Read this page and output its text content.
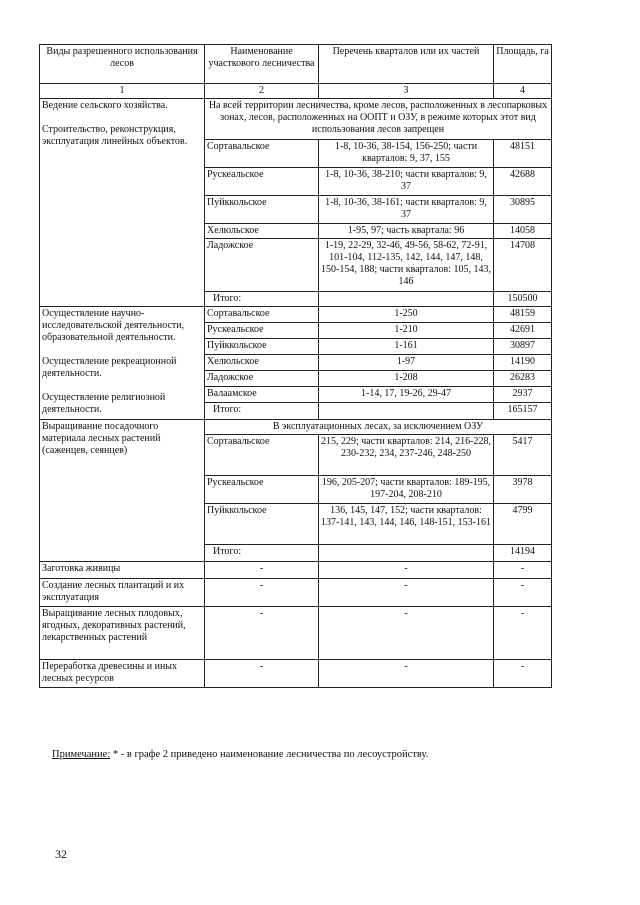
Виды разрешенного использования лесов	Наименование участкового лесничества	Перечень кварталов или их частей	Площадь, га
1	2	3	4

Ведение сельского хозяйства.
Строительство, реконструкция, эксплуатация линейных объектов.	На всей территории лесничества, кроме лесов, расположенных в лесопарковых зонах, лесов, расположенных на ООПТ и ОЗУ, в режиме которых этот вид использования лесов запрещен		
	Сортавальское	1-8, 10-36, 38-154, 156-250; части кварталов: 9, 37, 155	48151
	Рускеальское	1-8, 10-36, 38-210; части кварталов: 9, 37	42688
	Пуйккольское	1-8, 10-36, 38-161; части кварталов: 9, 37	30895
	Хелюльское	1-95, 97; часть квартала: 96	14058
	Ладожское	1-19, 22-29, 32-46, 49-56, 58-62, 72-91, 101-104, 112-135, 142, 144, 147, 148, 150-154, 188; части кварталов: 105, 143, 146	14708
	Итого:		150500

Осуществление научно-исследовательской деятельности, образовательной деятельности.
Осуществление рекреационной деятельности.
Осуществление религиозной деятельности.	Сортавальское	1-250	48159
	Рускеальское	1-210	42691
	Пуйккольское	1-161	30897
	Хелюльское	1-97	14190
	Ладожское	1-208	26283
	Валаамское	1-14, 17, 19-26, 29-47	2937
	Итого:		165157

Выращивание посадочного материала лесных растений (саженцев, сеянцев)	В эксплуатационных лесах, за исключением ОЗУ		
	Сортавальское	215, 229; части кварталов: 214, 216-228, 230-232, 234, 237-246, 248-250	5417
	Рускеальское	196, 205-207; части кварталов: 189-195, 197-204, 208-210	3978
	Пуйккольское	136, 145, 147, 152; части кварталов: 137-141, 143, 144, 146, 148-151, 153-161	4799
	Итого:		14194
Заготовка живицы	-	-	-
Создание лесных плантаций и их эксплуатация	-	-	-
Выращивание лесных плодовых, ягодных, декоративных растений, лекарственных растений	-	-	-
Переработка древесины и иных лесных ресурсов	-	-	-
Примечание: * - в графе 2 приведено наименование лесничества по лесоустройству.
32
